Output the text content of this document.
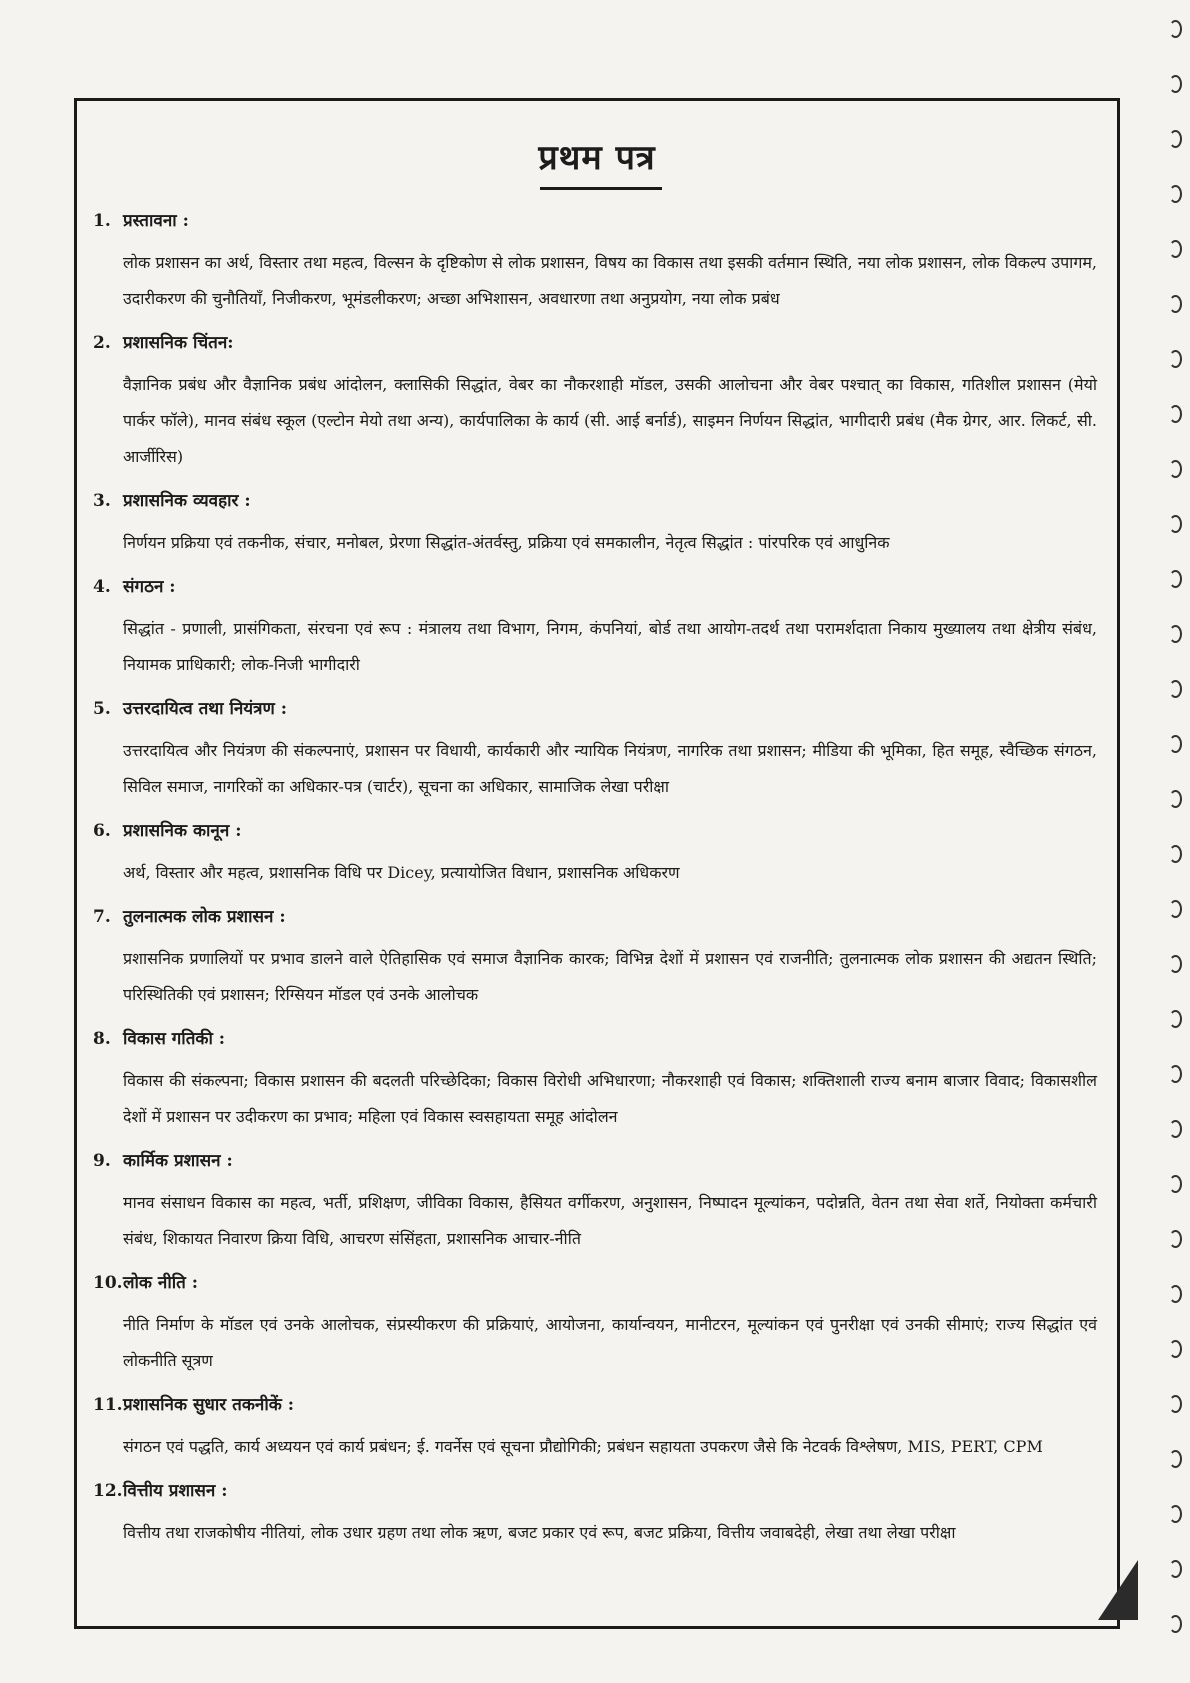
प्रथम पत्र
1. प्रस्तावना :
लोक प्रशासन का अर्थ, विस्तार तथा महत्व, विल्सन के दृष्टिकोण से लोक प्रशासन, विषय का विकास तथा इसकी वर्तमान स्थिति, नया लोक प्रशासन, लोक विकल्प उपागम, उदारीकरण की चुनौतियाँ, निजीकरण, भूमंडलीकरण; अच्छा अभिशासन, अवधारणा तथा अनुप्रयोग, नया लोक प्रबंध
2. प्रशासनिक चिंतन:
वैज्ञानिक प्रबंध और वैज्ञानिक प्रबंध आंदोलन, क्लासिकी सिद्धांत, वेबर का नौकरशाही मॉडल, उसकी आलोचना और वेबर पश्चात् का विकास, गतिशील प्रशासन (मेयो पार्कर फॉले), मानव संबंध स्कूल (एल्टोन मेयो तथा अन्य), कार्यपालिका के कार्य (सी. आई बर्नार्ड), साइमन निर्णयन सिद्धांत, भागीदारी प्रबंध (मैक ग्रेगर, आर. लिकर्ट, सी. आर्जीरिस)
3. प्रशासनिक व्यवहार :
निर्णयन प्रक्रिया एवं तकनीक, संचार, मनोबल, प्रेरणा सिद्धांत-अंतर्वस्तु, प्रक्रिया एवं समकालीन, नेतृत्व सिद्धांत : पांरपरिक एवं आधुनिक
4. संगठन :
सिद्धांत - प्रणाली, प्रासंगिकता, संरचना एवं रूप : मंत्रालय तथा विभाग, निगम, कंपनियां, बोर्ड तथा आयोग-तदर्थ तथा परामर्शदाता निकाय मुख्यालय तथा क्षेत्रीय संबंध, नियामक प्राधिकारी; लोक-निजी भागीदारी
5. उत्तरदायित्व तथा नियंत्रण :
उत्तरदायित्व और नियंत्रण की संकल्पनाएं, प्रशासन पर विधायी, कार्यकारी और न्यायिक नियंत्रण, नागरिक तथा प्रशासन; मीडिया की भूमिका, हित समूह, स्वैच्छिक संगठन, सिविल समाज, नागरिकों का अधिकार-पत्र (चार्टर), सूचना का अधिकार, सामाजिक लेखा परीक्षा
6. प्रशासनिक कानून :
अर्थ, विस्तार और महत्व, प्रशासनिक विधि पर Dicey, प्रत्यायोजित विधान, प्रशासनिक अधिकरण
7. तुलनात्मक लोक प्रशासन :
प्रशासनिक प्रणालियों पर प्रभाव डालने वाले ऐतिहासिक एवं समाज वैज्ञानिक कारक; विभिन्न देशों में प्रशासन एवं राजनीति; तुलनात्मक लोक प्रशासन की अद्यतन स्थिति; परिस्थितिकी एवं प्रशासन; रिग्सियन मॉडल एवं उनके आलोचक
8. विकास गतिकी :
विकास की संकल्पना; विकास प्रशासन की बदलती परिच्छेदिका; विकास विरोधी अभिधारणा; नौकरशाही एवं विकास; शक्तिशाली राज्य बनाम बाजार विवाद; विकासशील देशों में प्रशासन पर उदीकरण का प्रभाव; महिला एवं विकास स्वसहायता समूह आंदोलन
9. कार्मिक प्रशासन :
मानव संसाधन विकास का महत्व, भर्ती, प्रशिक्षण, जीविका विकास, हैसियत वर्गीकरण, अनुशासन, निष्पादन मूल्यांकन, पदोन्नति, वेतन तथा सेवा शर्ते, नियोक्ता कर्मचारी संबंध, शिकायत निवारण क्रिया विधि, आचरण संसिंहता, प्रशासनिक आचार-नीति
10. लोक नीति :
नीति निर्माण के मॉडल एवं उनके आलोचक, संप्रस्यीकरण की प्रक्रियाएं, आयोजना, कार्यान्वयन, मानीटरन, मूल्यांकन एवं पुनरीक्षा एवं उनकी सीमाएं; राज्य सिद्धांत एवं लोकनीति सूत्रण
11. प्रशासनिक सुधार तकनीकें :
संगठन एवं पद्धति, कार्य अध्ययन एवं कार्य प्रबंधन; ई. गवर्नेस एवं सूचना प्रौद्योगिकी; प्रबंधन सहायता उपकरण जैसे कि नेटवर्क विश्लेषण, MIS, PERT, CPM
12. वित्तीय प्रशासन :
वित्तीय तथा राजकोषीय नीतियां, लोक उधार ग्रहण तथा लोक ऋण, बजट प्रकार एवं रूप, बजट प्रक्रिया, वित्तीय जवाबदेही, लेखा तथा लेखा परीक्षा
